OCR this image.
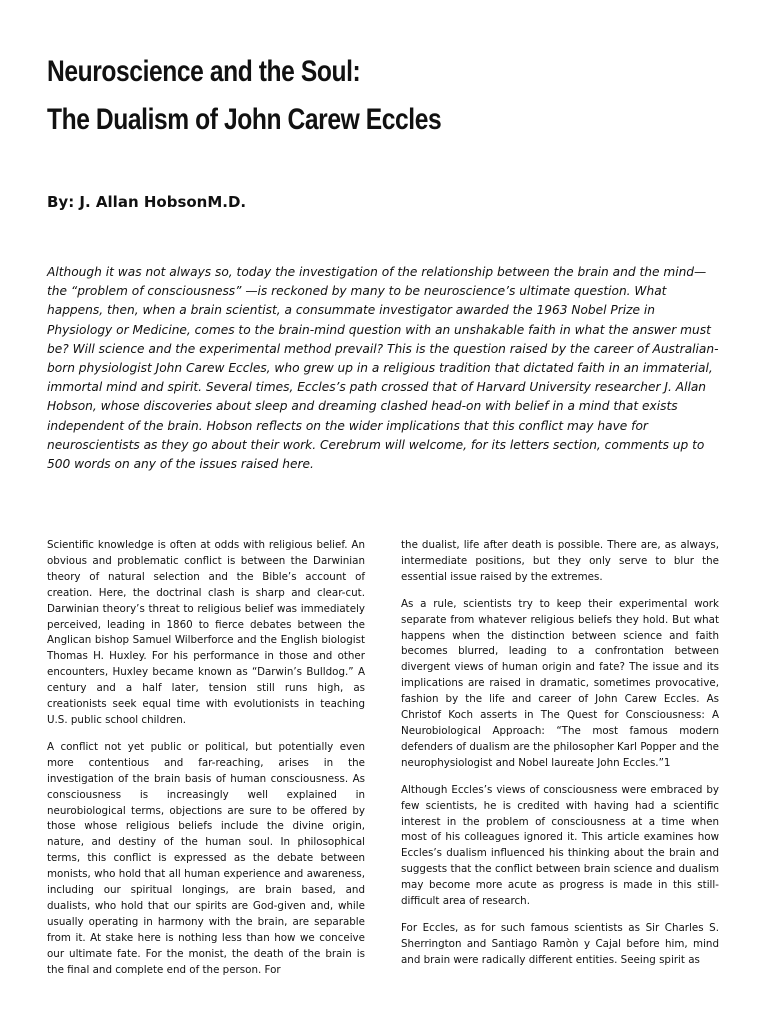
Neuroscience and the Soul:
The Dualism of John Carew Eccles
By: J. Allan HobsonM.D.

Although it was not always so, today the investigation of the relationship between the brain and the mind—the “problem of consciousness” —is reckoned by many to be neuroscience’s ultimate question. What happens, then, when a brain scientist, a consummate investigator awarded the 1963 Nobel Prize in Physiology or Medicine, comes to the brain-mind question with an unshakable faith in what the answer must be? Will science and the experimental method prevail? This is the question raised by the career of Australian-born physiologist John Carew Eccles, who grew up in a religious tradition that dictated faith in an immaterial, immortal mind and spirit. Several times, Eccles’s path crossed that of Harvard University researcher J. Allan Hobson, whose discoveries about sleep and dreaming clashed head-on with belief in a mind that exists independent of the brain. Hobson reflects on the wider implications that this conflict may have for neuroscientists as they go about their work. Cerebrum will welcome, for its letters section, comments up to 500 words on any of the issues raised here.

Scientific knowledge is often at odds with religious belief. An obvious and problematic conflict is between the Darwinian theory of natural selection and the Bible’s account of creation. Here, the doctrinal clash is sharp and clear-cut. Darwinian theory’s threat to religious belief was immediately perceived, leading in 1860 to fierce debates between the Anglican bishop Samuel Wilberforce and the English biologist Thomas H. Huxley. For his performance in those and other encounters, Huxley became known as “Darwin’s Bulldog.” A century and a half later, tension still runs high, as creationists seek equal time with evolutionists in teaching U.S. public school children.

A conflict not yet public or political, but potentially even more contentious and far-reaching, arises in the investigation of the brain basis of human consciousness. As consciousness is increasingly well explained in neurobiological terms, objections are sure to be offered by those whose religious beliefs include the divine origin, nature, and destiny of the human soul. In philosophical terms, this conflict is expressed as the debate between monists, who hold that all human experience and awareness, including our spiritual longings, are brain based, and dualists, who hold that our spirits are God-given and, while usually operating in harmony with the brain, are separable from it. At stake here is nothing less than how we conceive our ultimate fate. For the monist, the death of the brain is the final and complete end of the person. For

the dualist, life after death is possible. There are, as always, intermediate positions, but they only serve to blur the essential issue raised by the extremes.

As a rule, scientists try to keep their experimental work separate from whatever religious beliefs they hold. But what happens when the distinction between science and faith becomes blurred, leading to a confrontation between divergent views of human origin and fate? The issue and its implications are raised in dramatic, sometimes provocative, fashion by the life and career of John Carew Eccles. As Christof Koch asserts in The Quest for Consciousness: A Neurobiological Approach: “The most famous modern defenders of dualism are the philosopher Karl Popper and the neurophysiologist and Nobel laureate John Eccles.”1

Although Eccles’s views of consciousness were embraced by few scientists, he is credited with having had a scientific interest in the problem of consciousness at a time when most of his colleagues ignored it. This article examines how Eccles’s dualism influenced his thinking about the brain and suggests that the conflict between brain science and dualism may become more acute as progress is made in this still-difficult area of research.

For Eccles, as for such famous scientists as Sir Charles S. Sherrington and Santiago Ramòn y Cajal before him, mind and brain were radically different entities. Seeing spirit as
